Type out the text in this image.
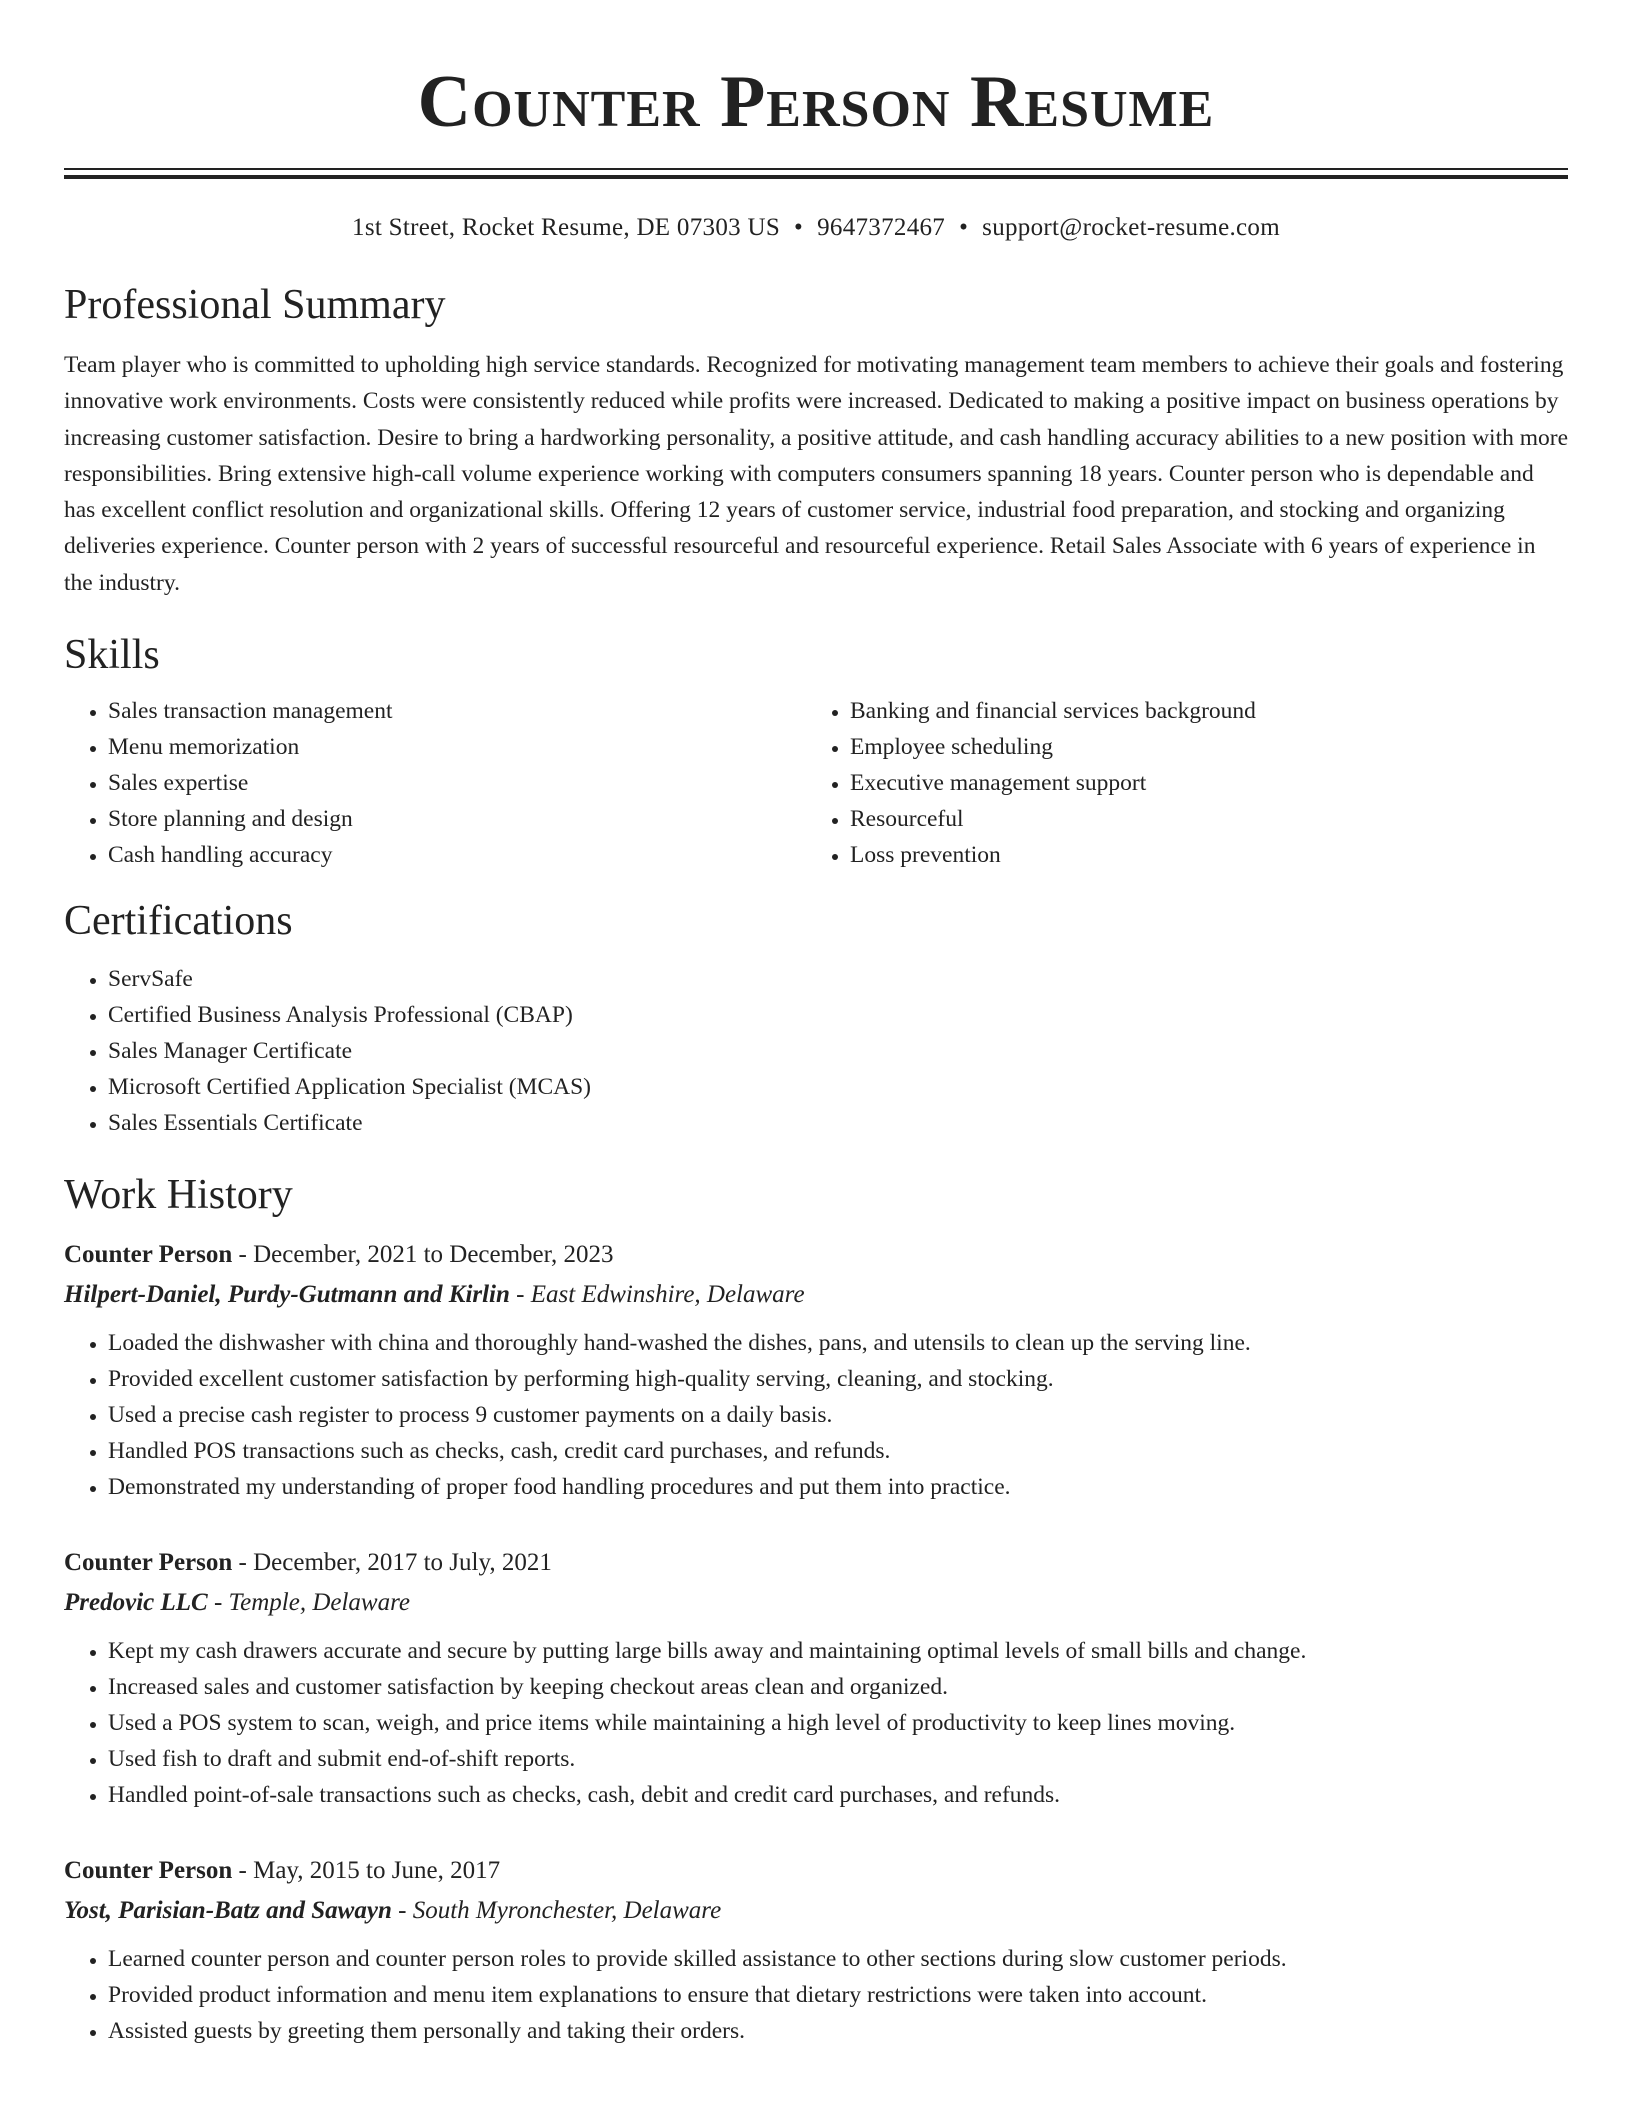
Counter Person Resume
1st Street, Rocket Resume, DE 07303 US • 9647372467 • support@rocket-resume.com
Professional Summary

Team player who is committed to upholding high service standards. Recognized for motivating management team members to achieve their goals and fostering innovative work environments. Costs were consistently reduced while profits were increased. Dedicated to making a positive impact on business operations by increasing customer satisfaction. Desire to bring a hardworking personality, a positive attitude, and cash handling accuracy abilities to a new position with more responsibilities. Bring extensive high-call volume experience working with computers consumers spanning 18 years. Counter person who is dependable and has excellent conflict resolution and organizational skills. Offering 12 years of customer service, industrial food preparation, and stocking and organizing deliveries experience. Counter person with 2 years of successful resourceful and resourceful experience. Retail Sales Associate with 6 years of experience in the industry.

Skills
• Sales transaction management
• Menu memorization
• Sales expertise
• Store planning and design
• Cash handling accuracy
• Banking and financial services background
• Employee scheduling
• Executive management support
• Resourceful
• Loss prevention
Certifications
• ServSafe
• Certified Business Analysis Professional (CBAP)
• Sales Manager Certificate
• Microsoft Certified Application Specialist (MCAS)
• Sales Essentials Certificate
Work History
Counter Person - December, 2021 to December, 2023
Hilpert-Daniel, Purdy-Gutmann and Kirlin - East Edwinshire, Delaware
• Loaded the dishwasher with china and thoroughly hand-washed the dishes, pans, and utensils to clean up the serving line.
• Provided excellent customer satisfaction by performing high-quality serving, cleaning, and stocking.
• Used a precise cash register to process 9 customer payments on a daily basis.
• Handled POS transactions such as checks, cash, credit card purchases, and refunds.
• Demonstrated my understanding of proper food handling procedures and put them into practice.
Counter Person - December, 2017 to July, 2021
Predovic LLC - Temple, Delaware
• Kept my cash drawers accurate and secure by putting large bills away and maintaining optimal levels of small bills and change.
• Increased sales and customer satisfaction by keeping checkout areas clean and organized.
• Used a POS system to scan, weigh, and price items while maintaining a high level of productivity to keep lines moving.
• Used fish to draft and submit end-of-shift reports.
• Handled point-of-sale transactions such as checks, cash, debit and credit card purchases, and refunds.
Counter Person - May, 2015 to June, 2017
Yost, Parisian-Batz and Sawayn - South Myronchester, Delaware
• Learned counter person and counter person roles to provide skilled assistance to other sections during slow customer periods.
• Provided product information and menu item explanations to ensure that dietary restrictions were taken into account.
• Assisted guests by greeting them personally and taking their orders.
